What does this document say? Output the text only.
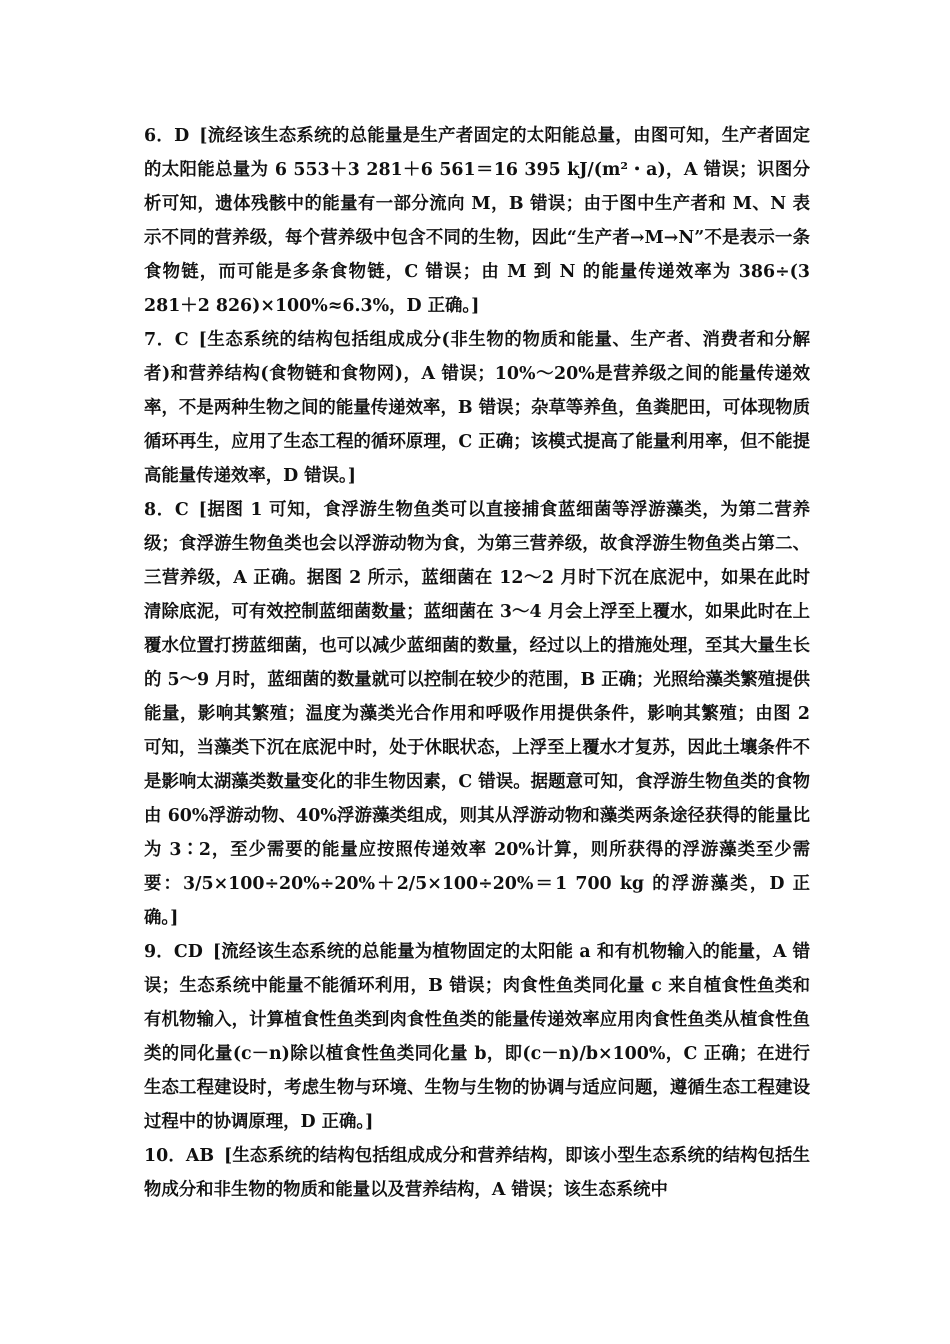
6．D [流经该生态系统的总能量是生产者固定的太阳能总量，由图可知，生产者固定的太阳能总量为 6 553＋3 281＋6 561＝16 395 kJ/(m²・a)，A 错误；识图分析可知，遗体残骸中的能量有一部分流向 M，B 错误；由于图中生产者和 M、N 表示不同的营养级，每个营养级中包含不同的生物，因此“生产者→M→N”不是表示一条食物链，而可能是多条食物链，C 错误；由 M 到 N 的能量传递效率为 386÷(3 281＋2 826)×100%≈6.3%，D 正确。]

7．C [生态系统的结构包括组成成分(非生物的物质和能量、生产者、消费者和分解者)和营养结构(食物链和食物网)，A 错误；10%～20%是营养级之间的能量传递效率，不是两种生物之间的能量传递效率，B 错误；杂草等养鱼，鱼粪肥田，可体现物质循环再生，应用了生态工程的循环原理，C 正确；该模式提高了能量利用率，但不能提高能量传递效率，D 错误。]

8．C [据图 1 可知，食浮游生物鱼类可以直接捕食蓝细菌等浮游藻类，为第二营养级；食浮游生物鱼类也会以浮游动物为食，为第三营养级，故食浮游生物鱼类占第二、三营养级，A 正确。据图 2 所示，蓝细菌在 12～2 月时下沉在底泥中，如果在此时清除底泥，可有效控制蓝细菌数量；蓝细菌在 3～4 月会上浮至上覆水，如果此时在上覆水位置打捞蓝细菌，也可以减少蓝细菌的数量，经过以上的措施处理，至其大量生长的 5～9 月时，蓝细菌的数量就可以控制在较少的范围，B 正确；光照给藻类繁殖提供能量，影响其繁殖；温度为藻类光合作用和呼吸作用提供条件，影响其繁殖；由图 2 可知，当藻类下沉在底泥中时，处于休眠状态，上浮至上覆水才复苏，因此土壤条件不是影响太湖藻类数量变化的非生物因素，C 错误。据题意可知，食浮游生物鱼类的食物由 60%浮游动物、40%浮游藻类组成，则其从浮游动物和藻类两条途径获得的能量比为 3∶2，至少需要的能量应按照传递效率 20%计算，则所获得的浮游藻类至少需要：3/5×100÷20%÷20%＋2/5×100÷20%＝1 700 kg 的浮游藻类，D 正确。]

9．CD [流经该生态系统的总能量为植物固定的太阳能 a 和有机物输入的能量，A 错误；生态系统中能量不能循环利用，B 错误；肉食性鱼类同化量 c 来自植食性鱼类和有机物输入，计算植食性鱼类到肉食性鱼类的能量传递效率应用肉食性鱼类从植食性鱼类的同化量(c－n)除以植食性鱼类同化量 b，即(c－n)/b×100%，C 正确；在进行生态工程建设时，考虑生物与环境、生物与生物的协调与适应问题，遵循生态工程建设过程中的协调原理，D 正确。]

10．AB [生态系统的结构包括组成成分和营养结构，即该小型生态系统的结构包括生物成分和非生物的物质和能量以及营养结构，A 错误；该生态系统中
